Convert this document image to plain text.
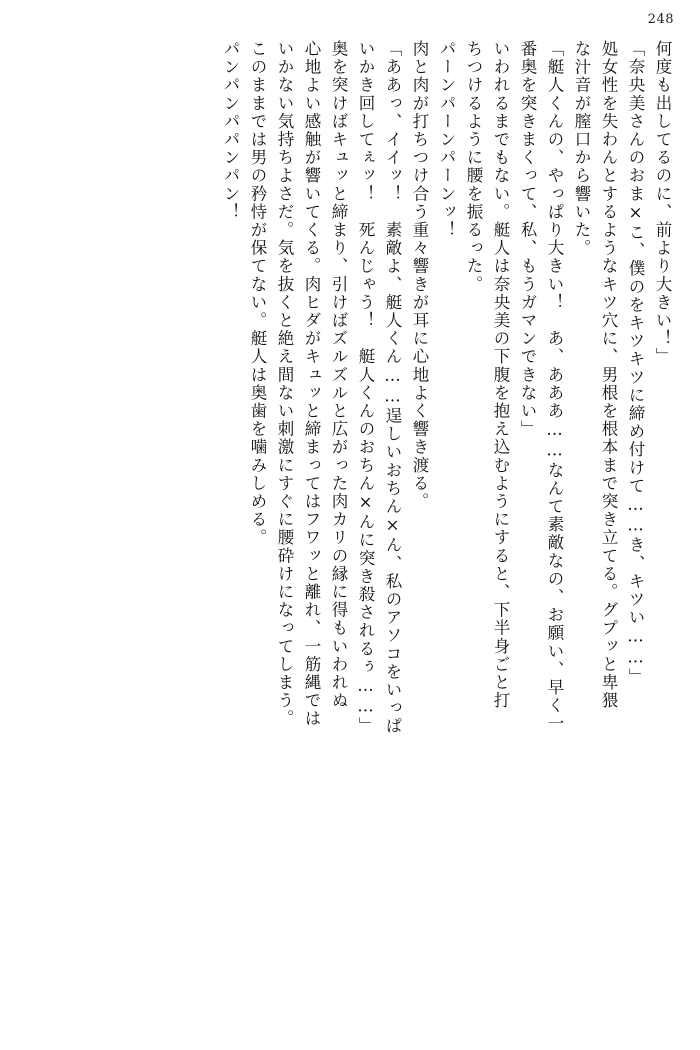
248
何度も出してるのに、前より大きい！」
「奈央美さんのおま×こ、僕のをキツキツに締め付けて……き、キツい……」
処女性を失わんとするようなキツ穴に、男根を根本まで突き立てる。グプッと卑猥
な汁音が膣口から響いた。
「艇人くんの、やっぱり大きい！　あ、あああ……なんて素敵なの、お願い、早く一
番奥を突きまくって、私、もうガマンできない」
いわれるまでもない。艇人は奈央美の下腹を抱え込むようにすると、下半身ごと打
ちつけるように腰を振るった。
パーンパーンパーンッ！
肉と肉が打ちつけ合う重々響きが耳に心地よく響き渡る。
「ああっ、イイッ！　素敵よ、艇人くん……逞しいおちん×ん、私のアソコをいっぱ
いかき回してぇッ！　死んじゃう！　艇人くんのおちん×んに突き殺されるぅ……」
奥を突けばキュッと締まり、引けばズルズルと広がった肉カリの縁に得もいわれぬ
心地よい感触が響いてくる。肉ヒダがキュッと締まってはフワッと離れ、一筋縄では
いかない気持ちよさだ。気を抜くと絶え間ない刺激にすぐに腰砕けになってしまう。
このままでは男の矜恃が保てない。艇人は奥歯を噛みしめる。
パンパンパパンパン！
